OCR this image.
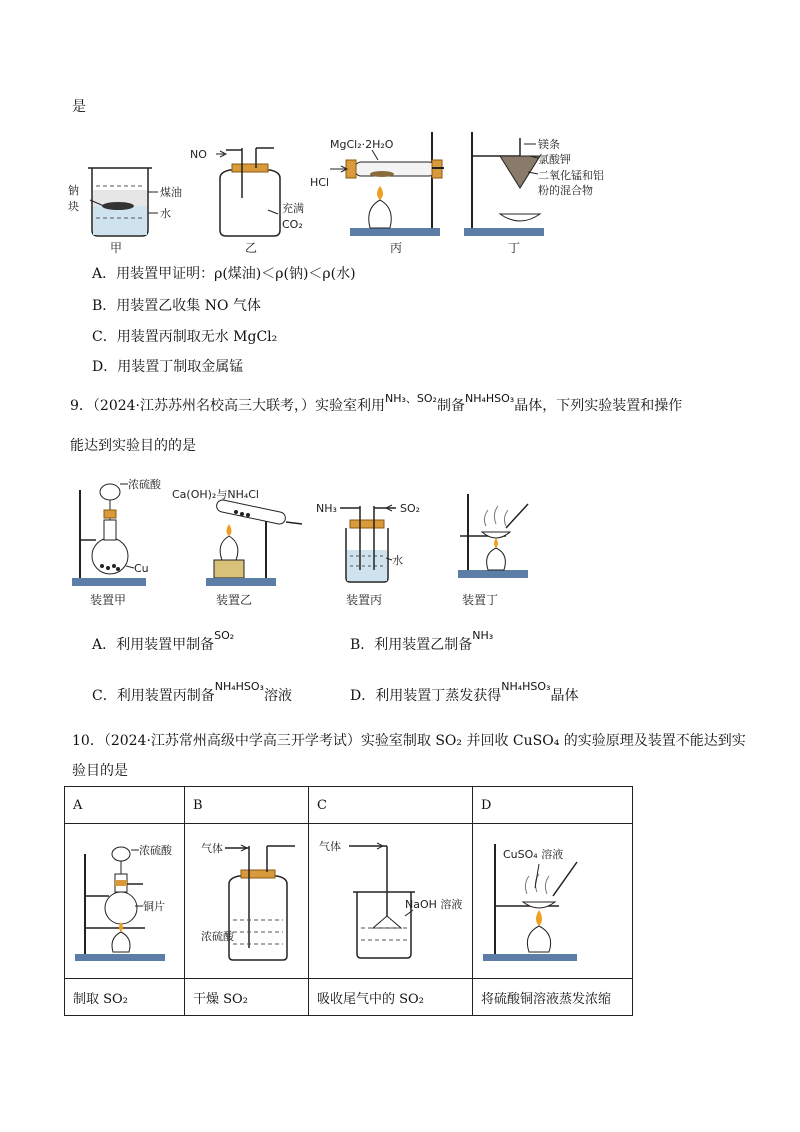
是
钠
块
煤油
水
甲
NO
充满
CO₂
乙
MgCl₂·2H₂O
HCl
丙
镁条
氯酸钾
二氧化锰和铝
粉的混合物
丁
A．用装置甲证明：ρ(煤油)＜ρ(钠)＜ρ(水)
B．用装置乙收集 NO 气体
C．用装置丙制取无水 MgCl₂
D．用装置丁制取金属锰
9．（2024·江苏苏州名校高三大联考，）实验室利用$^{NH_3、SO_2}$制备$^{NH_4HSO_3}$晶体，下列实验装置和操作
能达到实验目的的是
浓硫酸
Cu
装置甲
Ca(OH)₂与NH₄Cl
装置乙
NH₃	SO₂
水
装置丙	装置丁
A．利用装置甲制备$^{SO_2}$
B．利用装置乙制备$^{NH_3}$
C．利用装置丙制备$^{NH_4HSO_3}$溶液	D．利用装置丁蒸发获得$^{NH_4HSO_3}$晶体
10．（2024·江苏常州高级中学高三开学考试）实验室制取 SO₂ 并回收 CuSO₄ 的实验原理及装置不能达到实
验目的是
A	B	C	D

浓硫酸
铜片	气体
浓硫酸	气体
NaOH 溶液	CuSO₄ 溶液

制取 SO₂	干燥 SO₂	吸收尾气中的 SO₂	将硫酸铜溶液蒸发浓缩
